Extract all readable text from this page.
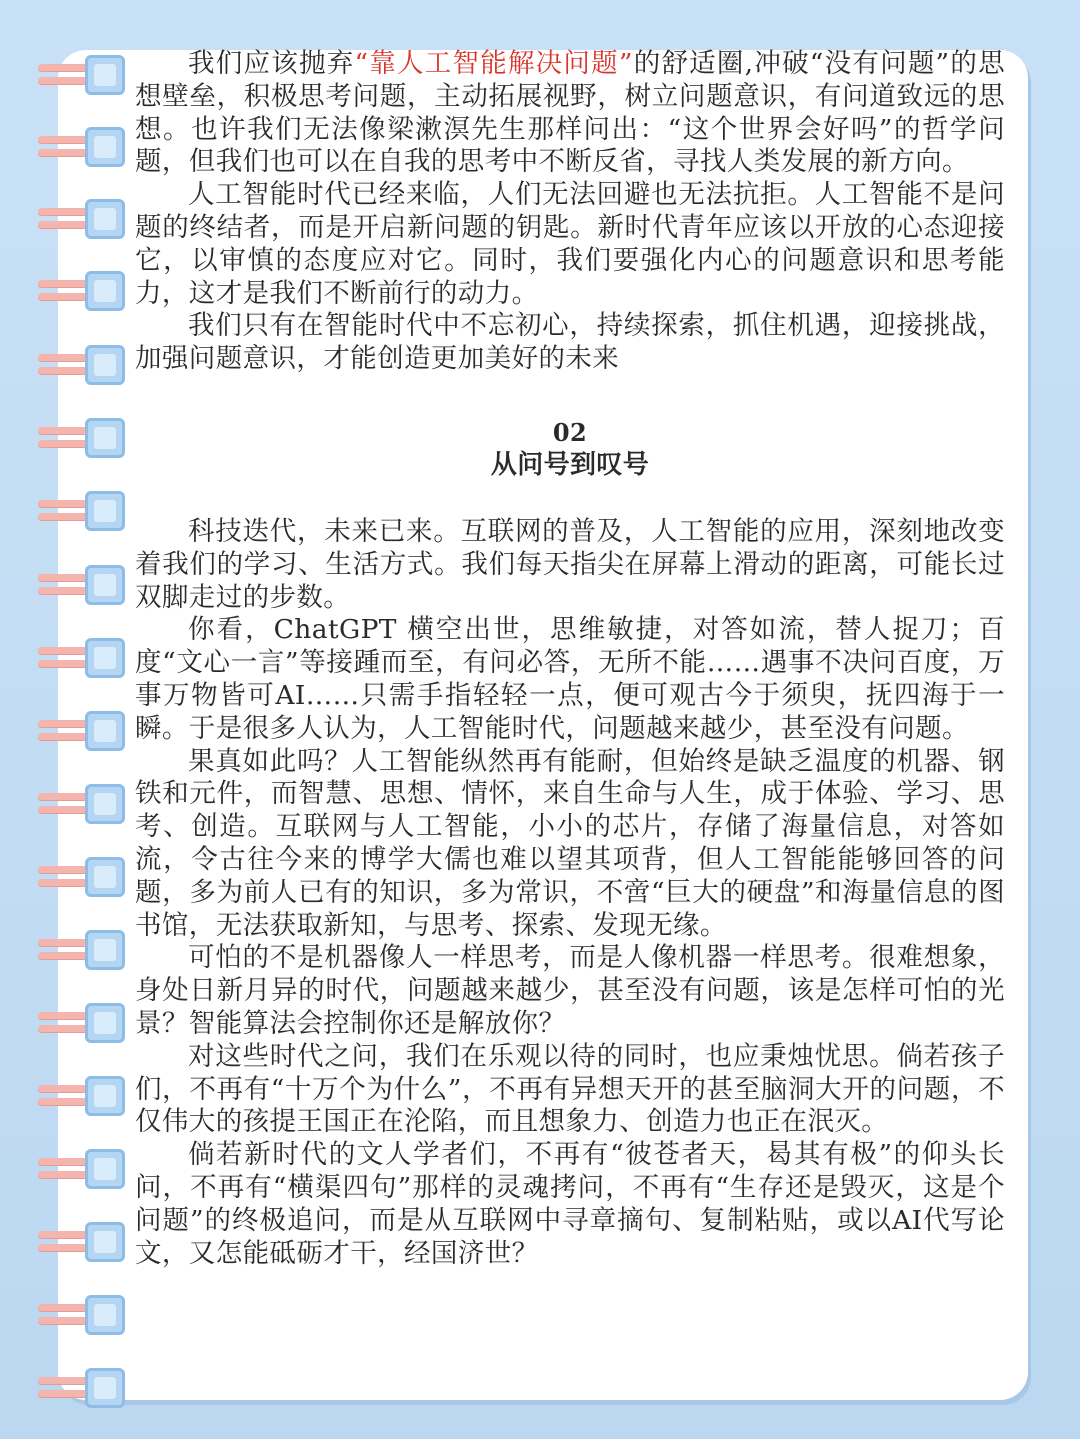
我们应该抛弃“靠人工智能解决问题”的舒适圈,冲破“没有问题”的思想壁垒，积极思考问题，主动拓展视野，树立问题意识，有问道致远的思想。也许我们无法像梁漱溟先生那样问出：“这个世界会好吗”的哲学问题，但我们也可以在自我的思考中不断反省，寻找人类发展的新方向。

人工智能时代已经来临，人们无法回避也无法抗拒。人工智能不是问题的终结者，而是开启新问题的钥匙。新时代青年应该以开放的心态迎接它，以审慎的态度应对它。同时，我们要强化内心的问题意识和思考能力，这才是我们不断前行的动力。

我们只有在智能时代中不忘初心，持续探索，抓住机遇，迎接挑战，加强问题意识，才能创造更加美好的未来

02
从问号到叹号

科技迭代，未来已来。互联网的普及，人工智能的应用，深刻地改变着我们的学习、生活方式。我们每天指尖在屏幕上滑动的距离，可能长过双脚走过的步数。

你看，ChatGPT 横空出世，思维敏捷，对答如流，替人捉刀；百度“文心一言”等接踵而至，有问必答，无所不能……遇事不决问百度，万事万物皆可AI……只需手指轻轻一点，便可观古今于须臾，抚四海于一瞬。于是很多人认为，人工智能时代，问题越来越少，甚至没有问题。

果真如此吗？人工智能纵然再有能耐，但始终是缺乏温度的机器、钢铁和元件，而智慧、思想、情怀，来自生命与人生，成于体验、学习、思考、创造。互联网与人工智能，小小的芯片，存储了海量信息，对答如流，令古往今来的博学大儒也难以望其项背，但人工智能能够回答的问题，多为前人已有的知识，多为常识，不啻“巨大的硬盘”和海量信息的图书馆，无法获取新知，与思考、探索、发现无缘。

可怕的不是机器像人一样思考，而是人像机器一样思考。很难想象，身处日新月异的时代，问题越来越少，甚至没有问题，该是怎样可怕的光景？智能算法会控制你还是解放你？

对这些时代之问，我们在乐观以待的同时，也应秉烛忧思。倘若孩子们，不再有“十万个为什么”，不再有异想天开的甚至脑洞大开的问题，不仅伟大的孩提王国正在沦陷，而且想象力、创造力也正在泯灭。

倘若新时代的文人学者们，不再有“彼苍者天，曷其有极”的仰头长问，不再有“横渠四句”那样的灵魂拷问，不再有“生存还是毁灭，这是个问题”的终极追问，而是从互联网中寻章摘句、复制粘贴，或以AI代写论文，又怎能砥砺才干，经国济世？
